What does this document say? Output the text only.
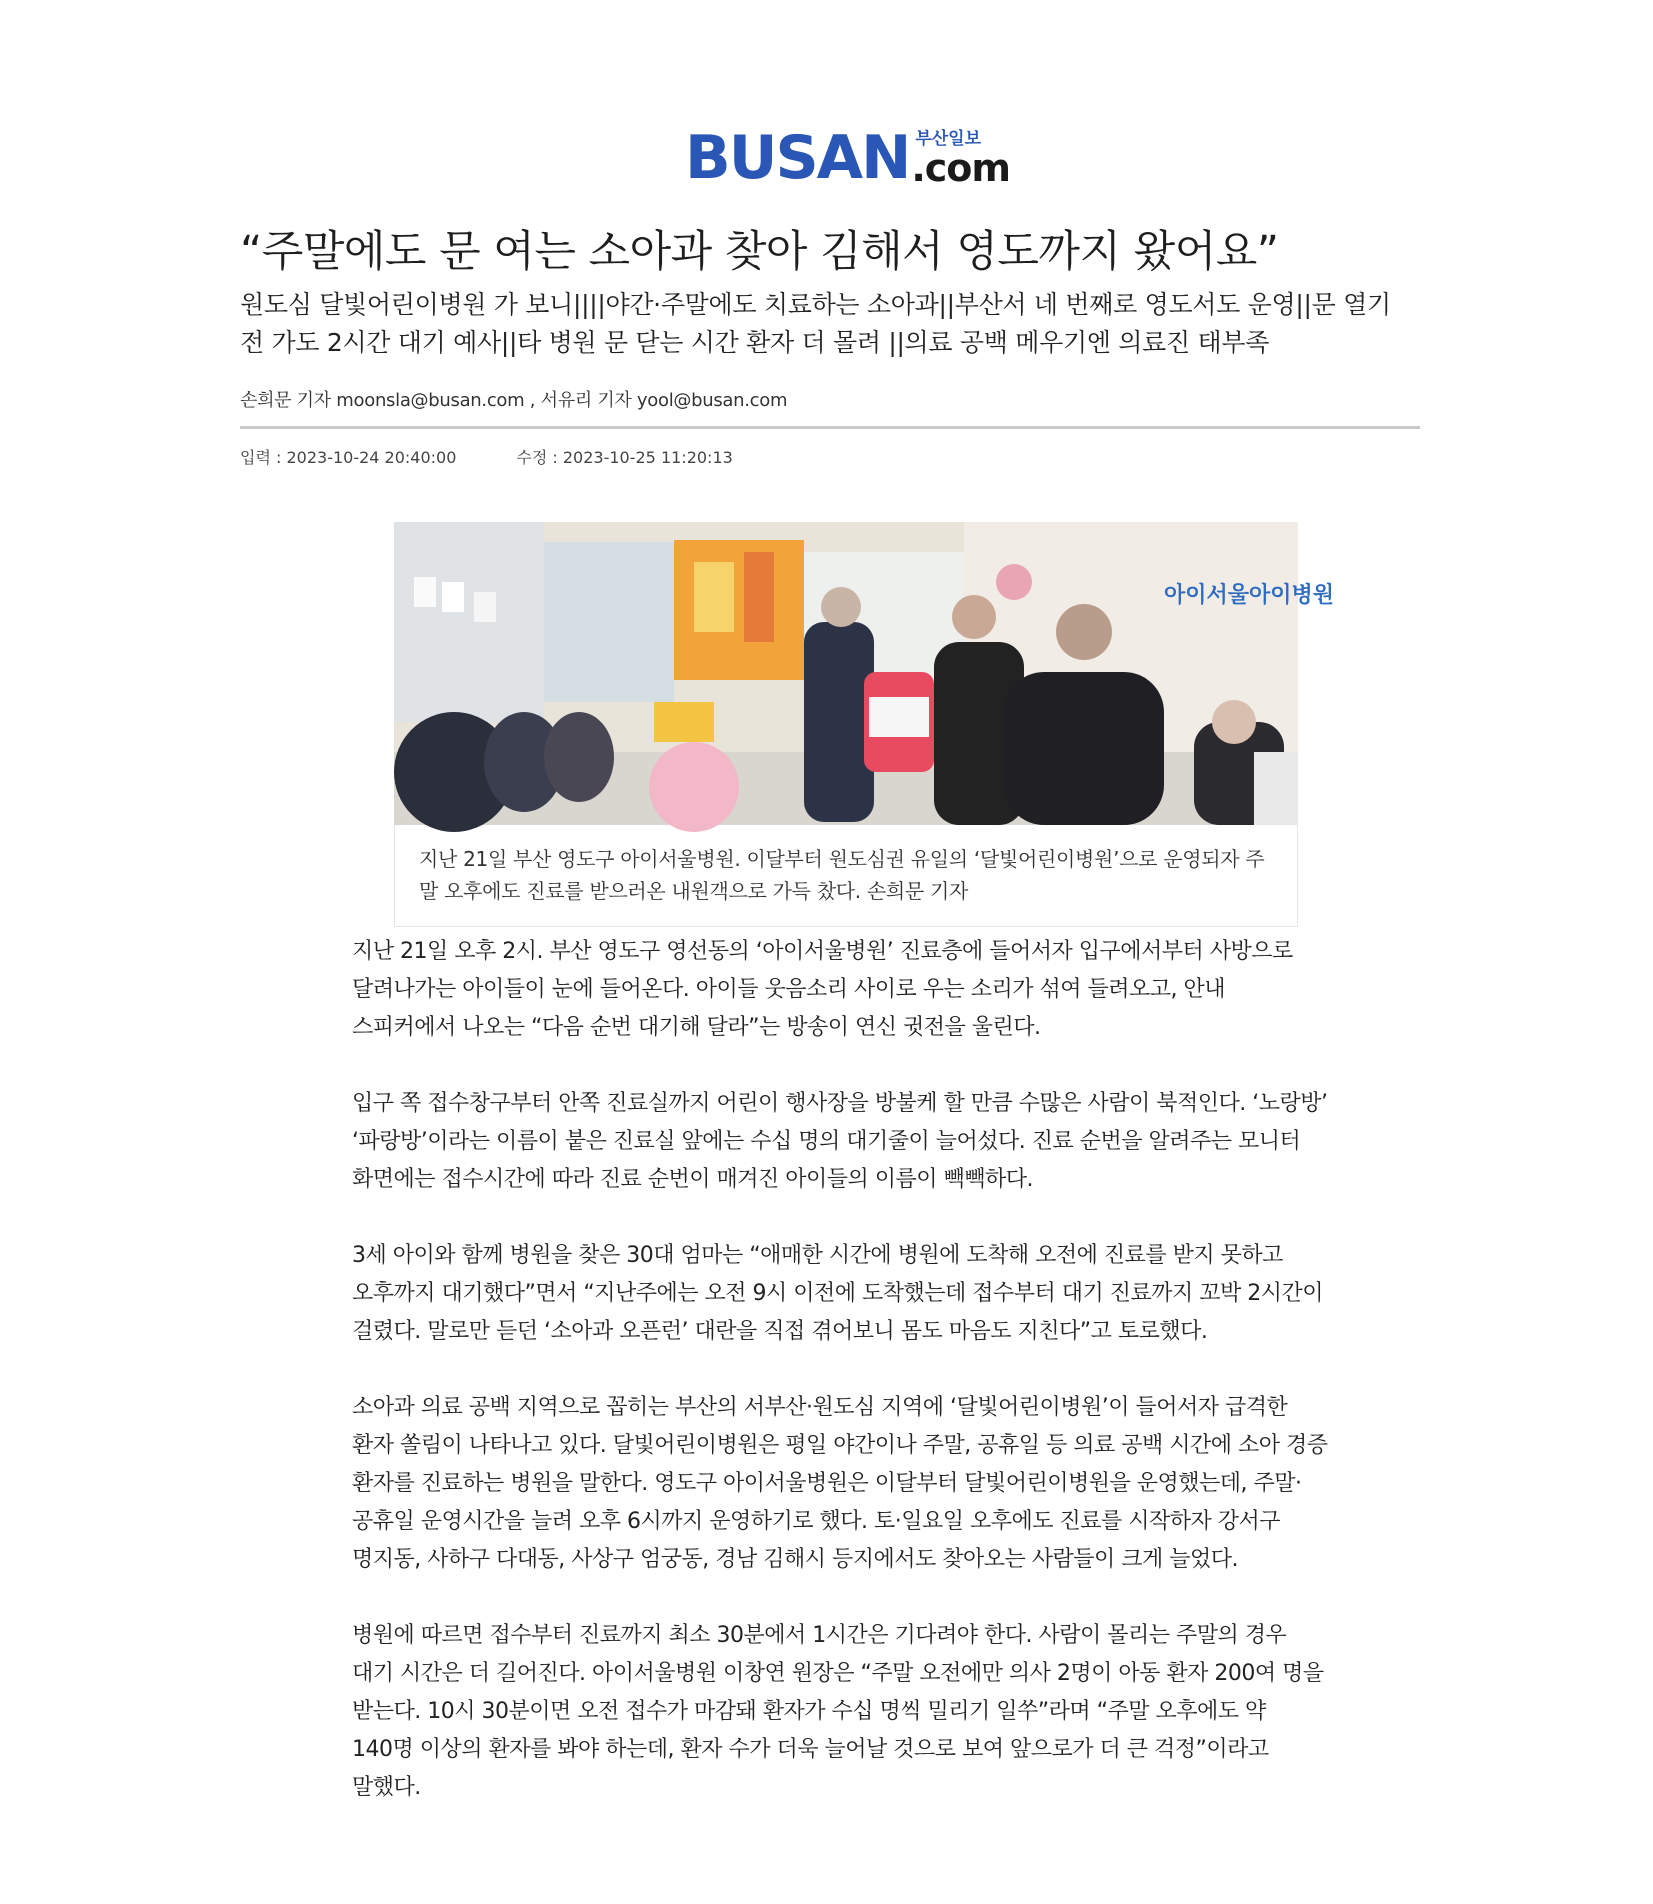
BUSAN 부산일보
.com
“주말에도 문 여는 소아과 찾아 김해서 영도까지 왔어요”
원도심 달빛어린이병원 가 보니||||야간·주말에도 치료하는 소아과||부산서 네 번째로 영도서도 운영||문 열기 전 가도 2시간 대기 예사||타 병원 문 닫는 시간 환자 더 몰려 ||의료 공백 메우기엔 의료진 태부족
손희문 기자 moonsla@busan.com , 서유리 기자 yool@busan.com
입력 : 2023-10-24 20:40:00	수정 : 2023-10-25 11:20:13
아이서울아이병원
지난 21일 부산 영도구 아이서울병원. 이달부터 원도심권 유일의 ‘달빛어린이병원’으로 운영되자 주말 오후에도 진료를 받으러온 내원객으로 가득 찼다. 손희문 기자

지난 21일 오후 2시. 부산 영도구 영선동의 ‘아이서울병원’ 진료층에 들어서자 입구에서부터 사방으로 달려나가는 아이들이 눈에 들어온다. 아이들 웃음소리 사이로 우는 소리가 섞여 들려오고, 안내 스피커에서 나오는 “다음 순번 대기해 달라”는 방송이 연신 귓전을 울린다.

입구 쪽 접수창구부터 안쪽 진료실까지 어린이 행사장을 방불케 할 만큼 수많은 사람이 북적인다. ‘노랑방’ ‘파랑방’이라는 이름이 붙은 진료실 앞에는 수십 명의 대기줄이 늘어섰다. 진료 순번을 알려주는 모니터 화면에는 접수시간에 따라 진료 순번이 매겨진 아이들의 이름이 빽빽하다.

3세 아이와 함께 병원을 찾은 30대 엄마는 “애매한 시간에 병원에 도착해 오전에 진료를 받지 못하고 오후까지 대기했다”면서 “지난주에는 오전 9시 이전에 도착했는데 접수부터 대기 진료까지 꼬박 2시간이 걸렸다. 말로만 듣던 ‘소아과 오픈런’ 대란을 직접 겪어보니 몸도 마음도 지친다”고 토로했다.

소아과 의료 공백 지역으로 꼽히는 부산의 서부산·원도심 지역에 ‘달빛어린이병원’이 들어서자 급격한 환자 쏠림이 나타나고 있다. 달빛어린이병원은 평일 야간이나 주말, 공휴일 등 의료 공백 시간에 소아 경증 환자를 진료하는 병원을 말한다. 영도구 아이서울병원은 이달부터 달빛어린이병원을 운영했는데, 주말·공휴일 운영시간을 늘려 오후 6시까지 운영하기로 했다. 토·일요일 오후에도 진료를 시작하자 강서구 명지동, 사하구 다대동, 사상구 엄궁동, 경남 김해시 등지에서도 찾아오는 사람들이 크게 늘었다.

병원에 따르면 접수부터 진료까지 최소 30분에서 1시간은 기다려야 한다. 사람이 몰리는 주말의 경우 대기 시간은 더 길어진다. 아이서울병원 이창연 원장은 “주말 오전에만 의사 2명이 아동 환자 200여 명을 받는다. 10시 30분이면 오전 접수가 마감돼 환자가 수십 명씩 밀리기 일쑤”라며 “주말 오후에도 약 140명 이상의 환자를 봐야 하는데, 환자 수가 더욱 늘어날 것으로 보여 앞으로가 더 큰 걱정”이라고 말했다.
